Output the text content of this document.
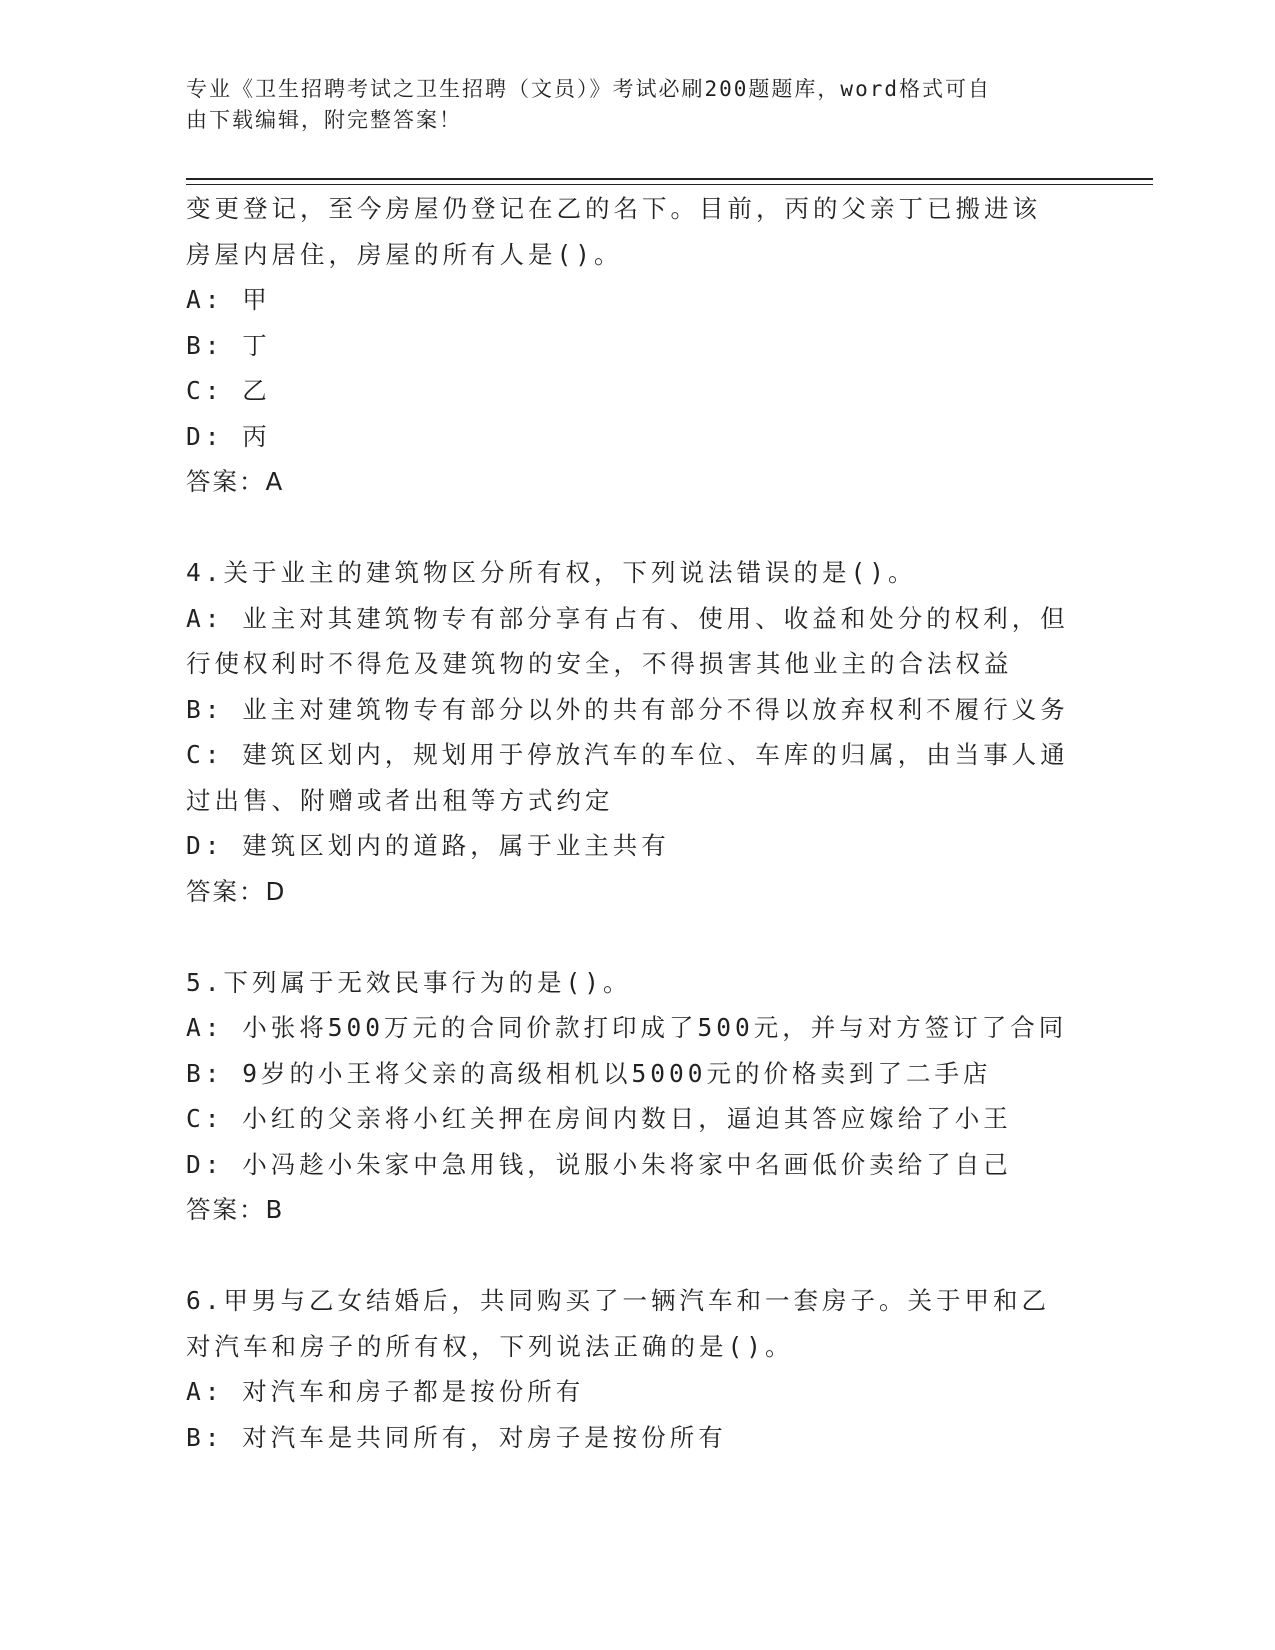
专业《卫生招聘考试之卫生招聘（文员）》考试必刷200题题库，word格式可自
由下载编辑，附完整答案！
变更登记，至今房屋仍登记在乙的名下。目前，丙的父亲丁已搬进该
房屋内居住，房屋的所有人是()。
A: 甲
B: 丁
C: 乙
D: 丙
答案：A
4.关于业主的建筑物区分所有权，下列说法错误的是()。
A: 业主对其建筑物专有部分享有占有、使用、收益和处分的权利，但
行使权利时不得危及建筑物的安全，不得损害其他业主的合法权益
B: 业主对建筑物专有部分以外的共有部分不得以放弃权利不履行义务
C: 建筑区划内，规划用于停放汽车的车位、车库的归属，由当事人通
过出售、附赠或者出租等方式约定
D: 建筑区划内的道路，属于业主共有
答案：D
5.下列属于无效民事行为的是()。
A: 小张将500万元的合同价款打印成了500元，并与对方签订了合同
B: 9岁的小王将父亲的高级相机以5000元的价格卖到了二手店
C: 小红的父亲将小红关押在房间内数日，逼迫其答应嫁给了小王
D: 小冯趁小朱家中急用钱，说服小朱将家中名画低价卖给了自己
答案：B
6.甲男与乙女结婚后，共同购买了一辆汽车和一套房子。关于甲和乙
对汽车和房子的所有权，下列说法正确的是()。
A: 对汽车和房子都是按份所有
B: 对汽车是共同所有，对房子是按份所有
